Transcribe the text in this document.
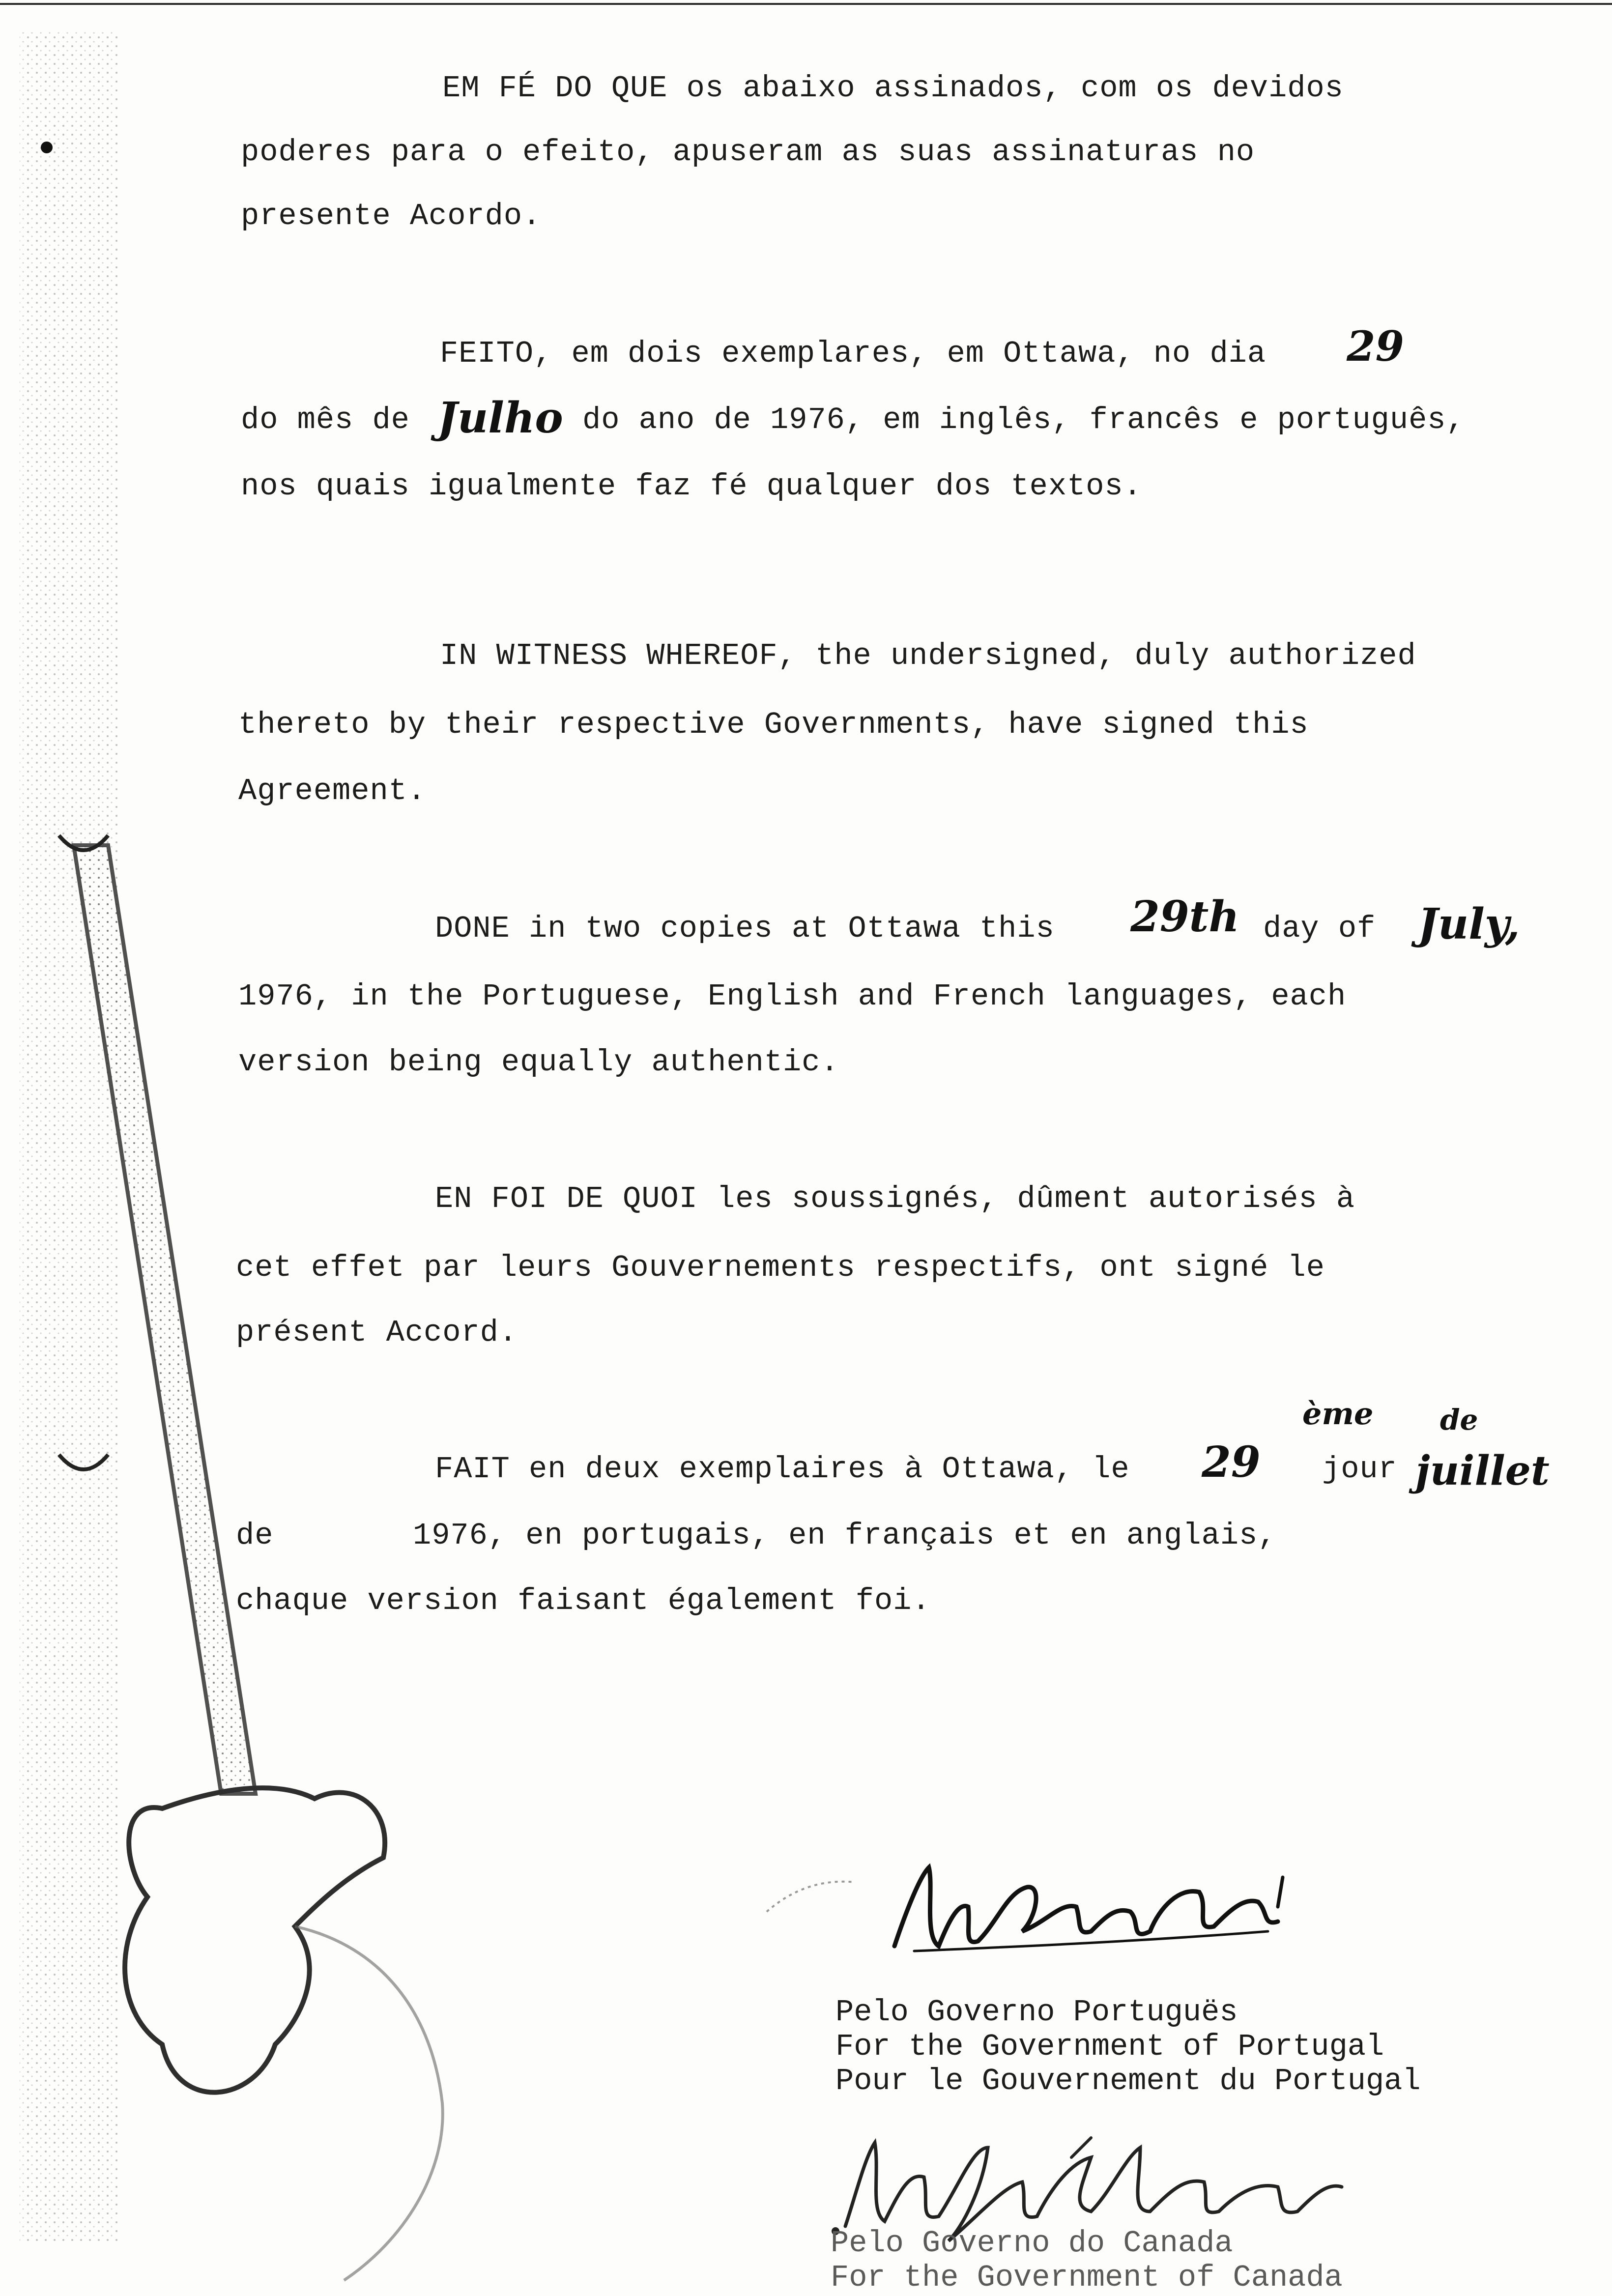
EM FÉ DO QUE os abaixo assinados, com os devidos
poderes para o efeito, apuseram as suas assinaturas no
presente Acordo.
FEITO, em dois exemplares, em Ottawa, no dia 29
do mês de Julho do ano de 1976, em inglês, francês e português,
nos quais igualmente faz fé qualquer dos textos.
IN WITNESS WHEREOF, the undersigned, duly authorized
thereto by their respective Governments, have signed this
Agreement.
DONE in two copies at Ottawa this 29th day of July,
1976, in the Portuguese, English and French languages, each
version being equally authentic.
EN FOI DE QUOI les soussignés, dûment autorisés à
cet effet par leurs Gouvernements respectifs, ont signé le
présent Accord.
ème de
FAIT en deux exemplaires à Ottawa, le 29 jour juillet
de	1976, en portugais, en français et en anglais,
chaque version faisant également foi.
Pelo Governo Portuguës
For the Government of Portugal
Pour le Gouvernement du Portugal
Pelo Governo do Canada
For the Government of Canada
